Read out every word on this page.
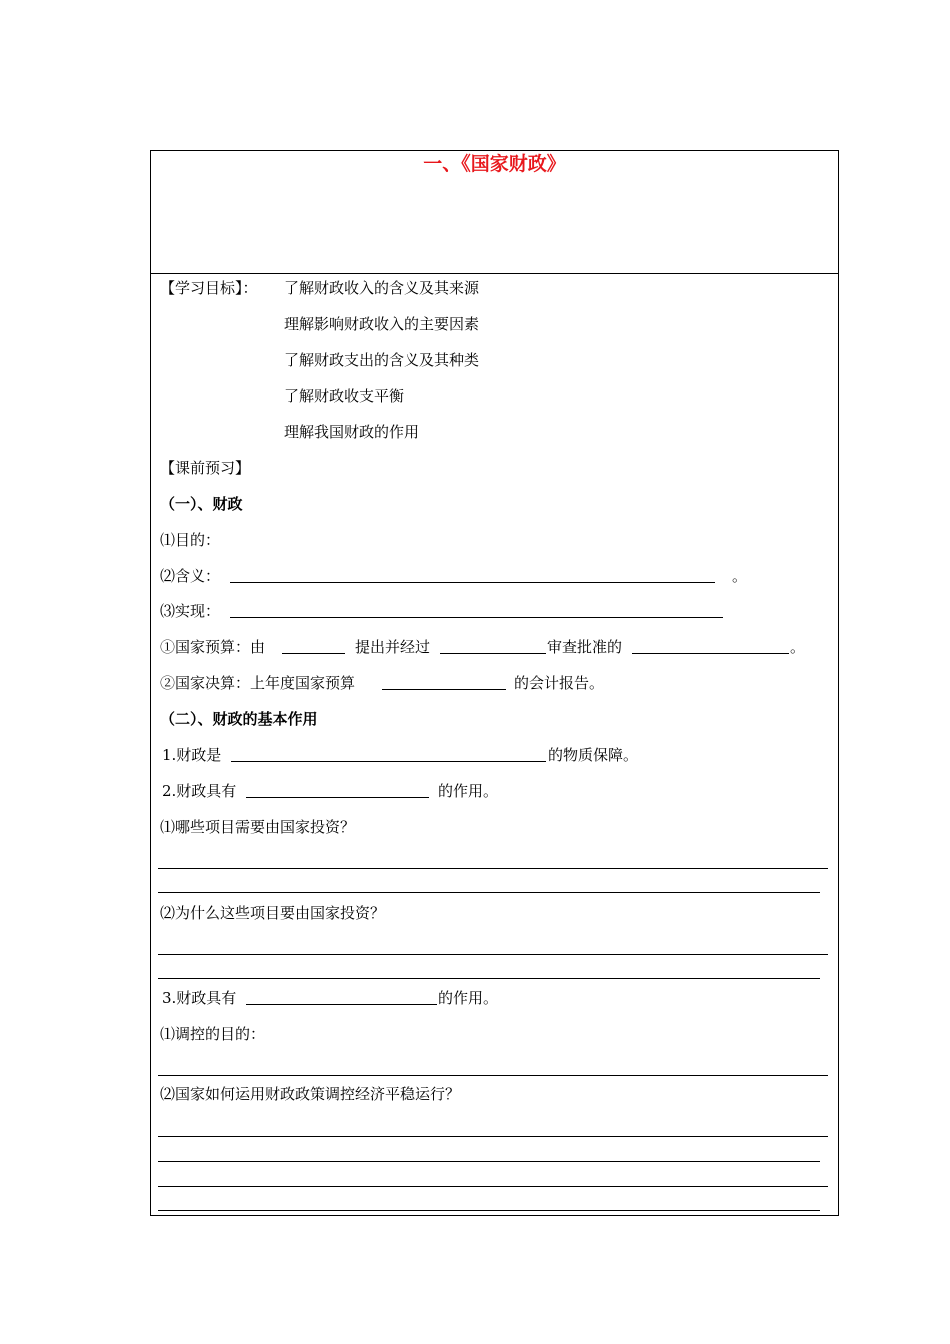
一、《国家财政》
【学习目标】： 了解财政收入的含义及其来源
理解影响财政收入的主要因素
了解财政支出的含义及其种类
了解财政收支平衡
理解我国财政的作用
【课前预习】
（一）、财政
⑴目的：
⑵含义：	。
⑶实现：
①国家预算：由	提出并经过	审查批准的	。
②国家决算：上年度国家预算	的会计报告。
（二）、财政的基本作用
1.财政是	的物质保障。
2.财政具有	的作用。
⑴哪些项目需要由国家投资？
⑵为什么这些项目要由国家投资？
3.财政具有	的作用。
⑴调控的目的：
⑵国家如何运用财政政策调控经济平稳运行？
